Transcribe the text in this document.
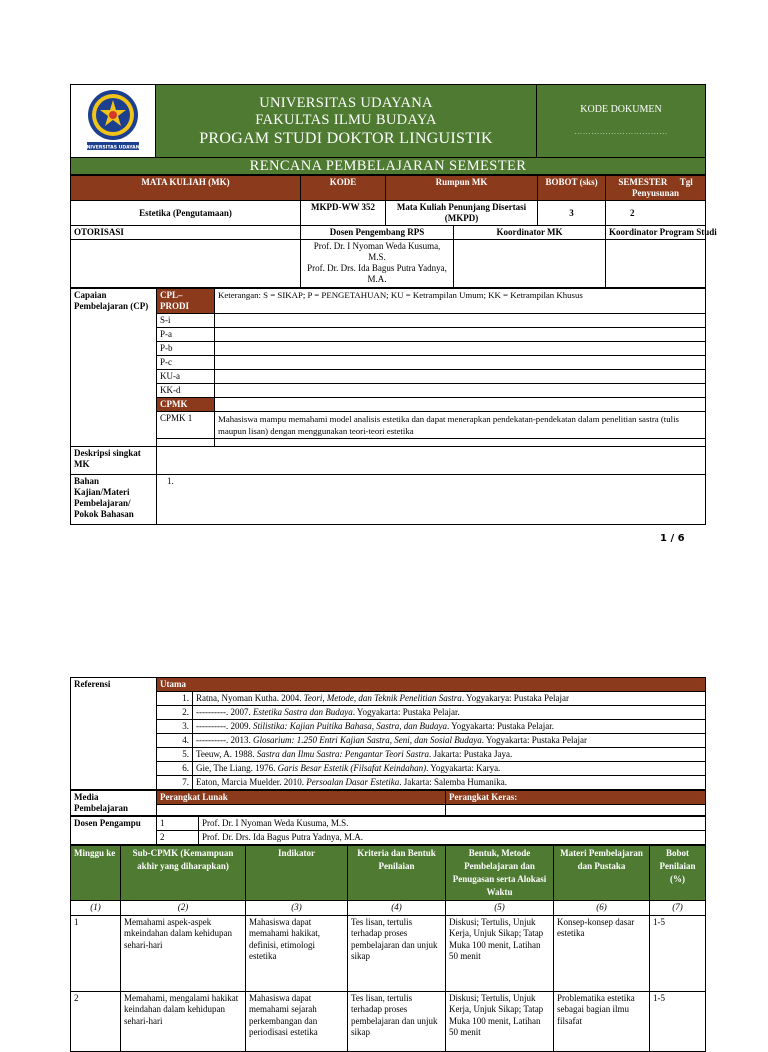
UNIVERSITAS UDAYANA

UNIVERSITAS UDAYANA
FAKULTAS ILMU BUDAYA
PROGAM STUDI DOKTOR LINGUISTIK

KODE DOKUMEN
……………………………

RENCANA PEMBELAJARAN SEMESTER
MATA KULIAH (MK)	KODE	Rumpun MK		BOBOT (sks)	SEMESTER Tgl Penyusunan
Estetika (Pengutamaan)	MKPD-WW 352	Mata Kuliah Penunjang Disertasi (MKPD)		3	2
OTORISASI	Dosen Pengembang RPS		Koordinator MK		Koordinator Program Studi

	Prof. Dr. I Nyoman Weda Kusuma, M.S.
Prof. Dr. Drs. Ida Bagus Putra Yadnya, M.A.				

Capaian Pembelajaran (CP)	CPL– PRODI	Keterangan: S = SIKAP; P = PENGETAHUAN; KU = Ketrampilan Umum; KK = Ketrampilan Khusus
	S-i	
	P-a	
	P-b	
	P-c	
	KU-a	
	KK-d	
	CPMK	
	CPMK 1	Mahasiswa mampu memahami model analisis estetika dan dapat menerapkan pendekatan-pendekatan dalam penelitian sastra (tulis maupun lisan) dengan menggunakan teori-teori estetika

Deskripsi singkat MK		
Bahan Kajian/Materi Pembelajaran/ Pokok Bahasan	1.	
1 / 6
Referensi	Utama	
	1.	Ratna, Nyoman Kutha. 2004. Teori, Metode, dan Teknik Penelitian Sastra. Yogyakarya: Pustaka Pelajar
	2.	----------. 2007. Estetika Sastra dan Budaya. Yogyakarta: Pustaka Pelajar.
	3.	----------. 2009. Stilistika: Kajian Puitika Bahasa, Sastra, dan Budaya. Yogyakarta: Pustaka Pelajar.
	4.	----------. 2013. Glosarium: 1.250 Entri Kajian Sastra, Seni, dan Sosial Budaya. Yogyakarta: Pustaka Pelajar
	5.	Teeuw, A. 1988. Sastra dan Ilmu Sastra: Pengantar Teori Sastra. Jakarta: Pustaka Jaya.
	6.	Gie, The Liang. 1976. Garis Besar Estetik (Filsafat Keindahan). Yogyakarta: Karya.
	7.	Eaton, Marcia Muelder. 2010. Persoalan Dasar Estetika. Jakarta: Salemba Humanika.
Media Pembelajaran	Perangkat Lunak	Perangkat Keras:

Dosen Pengampu	1	Prof. Dr. I Nyoman Weda Kusuma, M.S.
	2	Prof. Dr. Drs. Ida Bagus Putra Yadnya, M.A.
Minggu ke	Sub-CPMK (Kemampuan akhir yang diharapkan)	Indikator	Kriteria dan Bentuk Penilaian	Bentuk, Metode Pembelajaran dan Penugasan serta Alokasi Waktu	Materi Pembelajaran dan Pustaka	Bobot Penilaian (%)
(1)	(2)	(3)	(4)	(5)	(6)	(7)
1	Memahami aspek-aspek mkeindahan dalam kehidupan sehari-hari	Mahasiswa dapat memahami hakikat, definisi, etimologi estetika	Tes lisan, tertulis terhadap proses pembelajaran dan unjuk sikap	Diskusi; Tertulis, Unjuk Kerja, Unjuk Sikap; Tatap Muka 100 menit, Latihan 50 menit	Konsep-konsep dasar estetika	1-5
2	Memahami, mengalami hakikat keindahan dalam kehidupan sehari-hari	Mahasiswa dapat memahami sejarah perkembangan dan periodisasi estetika	Tes lisan, tertulis terhadap proses pembelajaran dan unjuk sikap	Diskusi; Tertulis, Unjuk Kerja, Unjuk Sikap; Tatap Muka 100 menit, Latihan 50 menit	Problematika estetika sebagai bagian ilmu filsafat	1-5
